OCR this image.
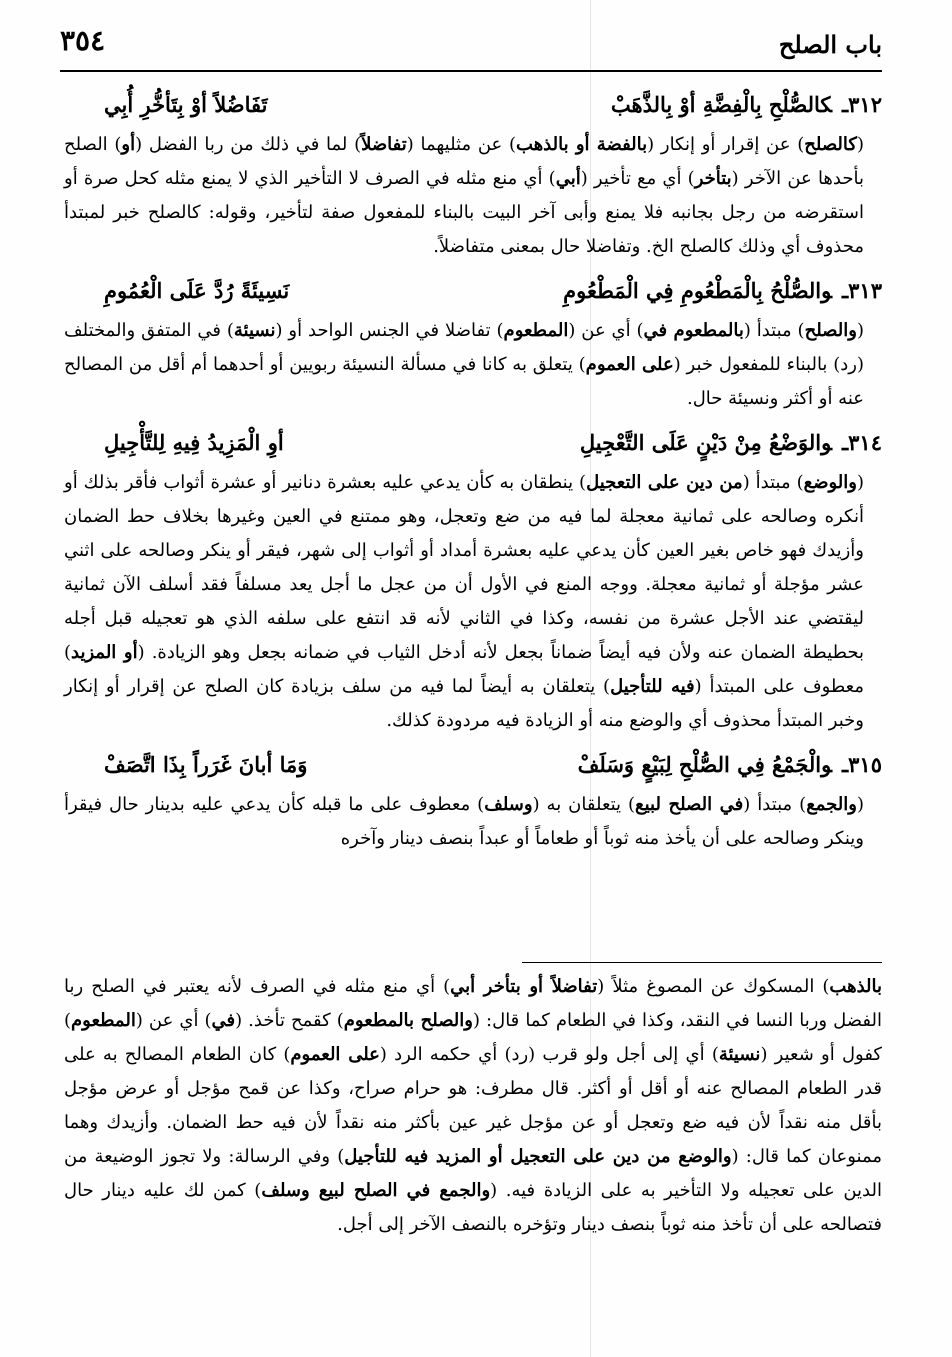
باب الصلح
٣٥٤
٣١٢ـكالصُّلْحِ بِالْفِضَّةِ أوْ بِالذَّهَبْ
تَفَاضُلاً أوْ بِتَأخُّرِ أُبِي

(كالصلح) عن إقرار أو إنكار (بالفضة أو بالذهب) عن مثليهما (تفاضلاً) لما في ذلك من ربا الفضل (أو) الصلح بأحدها عن الآخر (بتأخر) أي مع تأخير (أبي) أي منع مثله في الصرف لا التأخير الذي لا يمنع مثله كحل صرة أو استقرضه من رجل بجانبه فلا يمنع وأبى آخر البيت بالبناء للمفعول صفة لتأخير، وقوله: كالصلح خبر لمبتدأ محذوف أي وذلك كالصلح الخ. وتفاضلا حال بمعنى متفاضلاً.

٣١٣ـوالصُّلْحُ بِالْمَطْعُومِ فِي الْمَطْعُومِ
نَسِيئَةً رُدَّ عَلَى الْعُمُومِ

(والصلح) مبتدأ (بالمطعوم في) أي عن (المطعوم) تفاضلا في الجنس الواحد أو (نسيئة) في المتفق والمختلف (رد) بالبناء للمفعول خبر (على العموم) يتعلق به كانا في مسألة النسيئة ربويين أو أحدهما أم أقل من المصالح عنه أو أكثر ونسيئة حال.

٣١٤ـوالوَضْعُ مِنْ دَيْنٍ عَلَى التَّعْجِيلِ
أوِ الْمَزِيدُ فِيهِ لِلتَّأْجِيلِ

(والوضع) مبتدأ (من دين على التعجيل) ينطقان به كأن يدعي عليه بعشرة دنانير أو عشرة أثواب فأقر بذلك أو أنكره وصالحه على ثمانية معجلة لما فيه من ضع وتعجل، وهو ممتنع في العين وغيرها بخلاف حط الضمان وأزيدك فهو خاص بغير العين كأن يدعي عليه بعشرة أمداد أو أثواب إلى شهر، فيقر أو ينكر وصالحه على اثني عشر مؤجلة أو ثمانية معجلة. ووجه المنع في الأول أن من عجل ما أجل يعد مسلفاً فقد أسلف الآن ثمانية ليقتضي عند الأجل عشرة من نفسه، وكذا في الثاني لأنه قد انتفع على سلفه الذي هو تعجيله قبل أجله بحطيطة الضمان عنه ولأن فيه أيضاً ضماناً بجعل لأنه أدخل الثياب في ضمانه بجعل وهو الزيادة. (أو المزيد) معطوف على المبتدأ (فيه للتأجيل) يتعلقان به أيضاً لما فيه من سلف بزيادة كان الصلح عن إقرار أو إنكار وخبر المبتدأ محذوف أي والوضع منه أو الزيادة فيه مردودة كذلك.

٣١٥ـوالْجَمْعُ فِي الصُّلْحِ لِبَيْعٍ وَسَلَفْ
وَمَا أبانَ غَرَراً بِذَا اتَّصَفْ

(والجمع) مبتدأ (في الصلح لبيع) يتعلقان به (وسلف) معطوف على ما قبله كأن يدعي عليه بدينار حال فيقرأ وينكر وصالحه على أن يأخذ منه ثوباً أو طعاماً أو عبداً بنصف دينار وآخره

بالذهب) المسكوك عن المصوغ مثلاً (تفاضلاً أو بتأخر أبي) أي منع مثله في الصرف لأنه يعتبر في الصلح ربا الفضل وربا النسا في النقد، وكذا في الطعام كما قال: (والصلح بالمطعوم) كقمح تأخذ. (في) أي عن (المطعوم) كفول أو شعير (نسيئة) أي إلى أجل ولو قرب (رد) أي حكمه الرد (على العموم) كان الطعام المصالح به على قدر الطعام المصالح عنه أو أقل أو أكثر. قال مطرف: هو حرام صراح، وكذا عن قمح مؤجل أو عرض مؤجل بأقل منه نقداً لأن فيه ضع وتعجل أو عن مؤجل غير عين بأكثر منه نقداً لأن فيه حط الضمان. وأزيدك وهما ممنوعان كما قال: (والوضع من دين على التعجيل أو المزيد فيه للتأجيل) وفي الرسالة: ولا تجوز الوضيعة من الدين على تعجيله ولا التأخير به على الزيادة فيه. (والجمع في الصلح لبيع وسلف) كمن لك عليه دينار حال فتصالحه على أن تأخذ منه ثوباً بنصف دينار وتؤخره بالنصف الآخر إلى أجل.
